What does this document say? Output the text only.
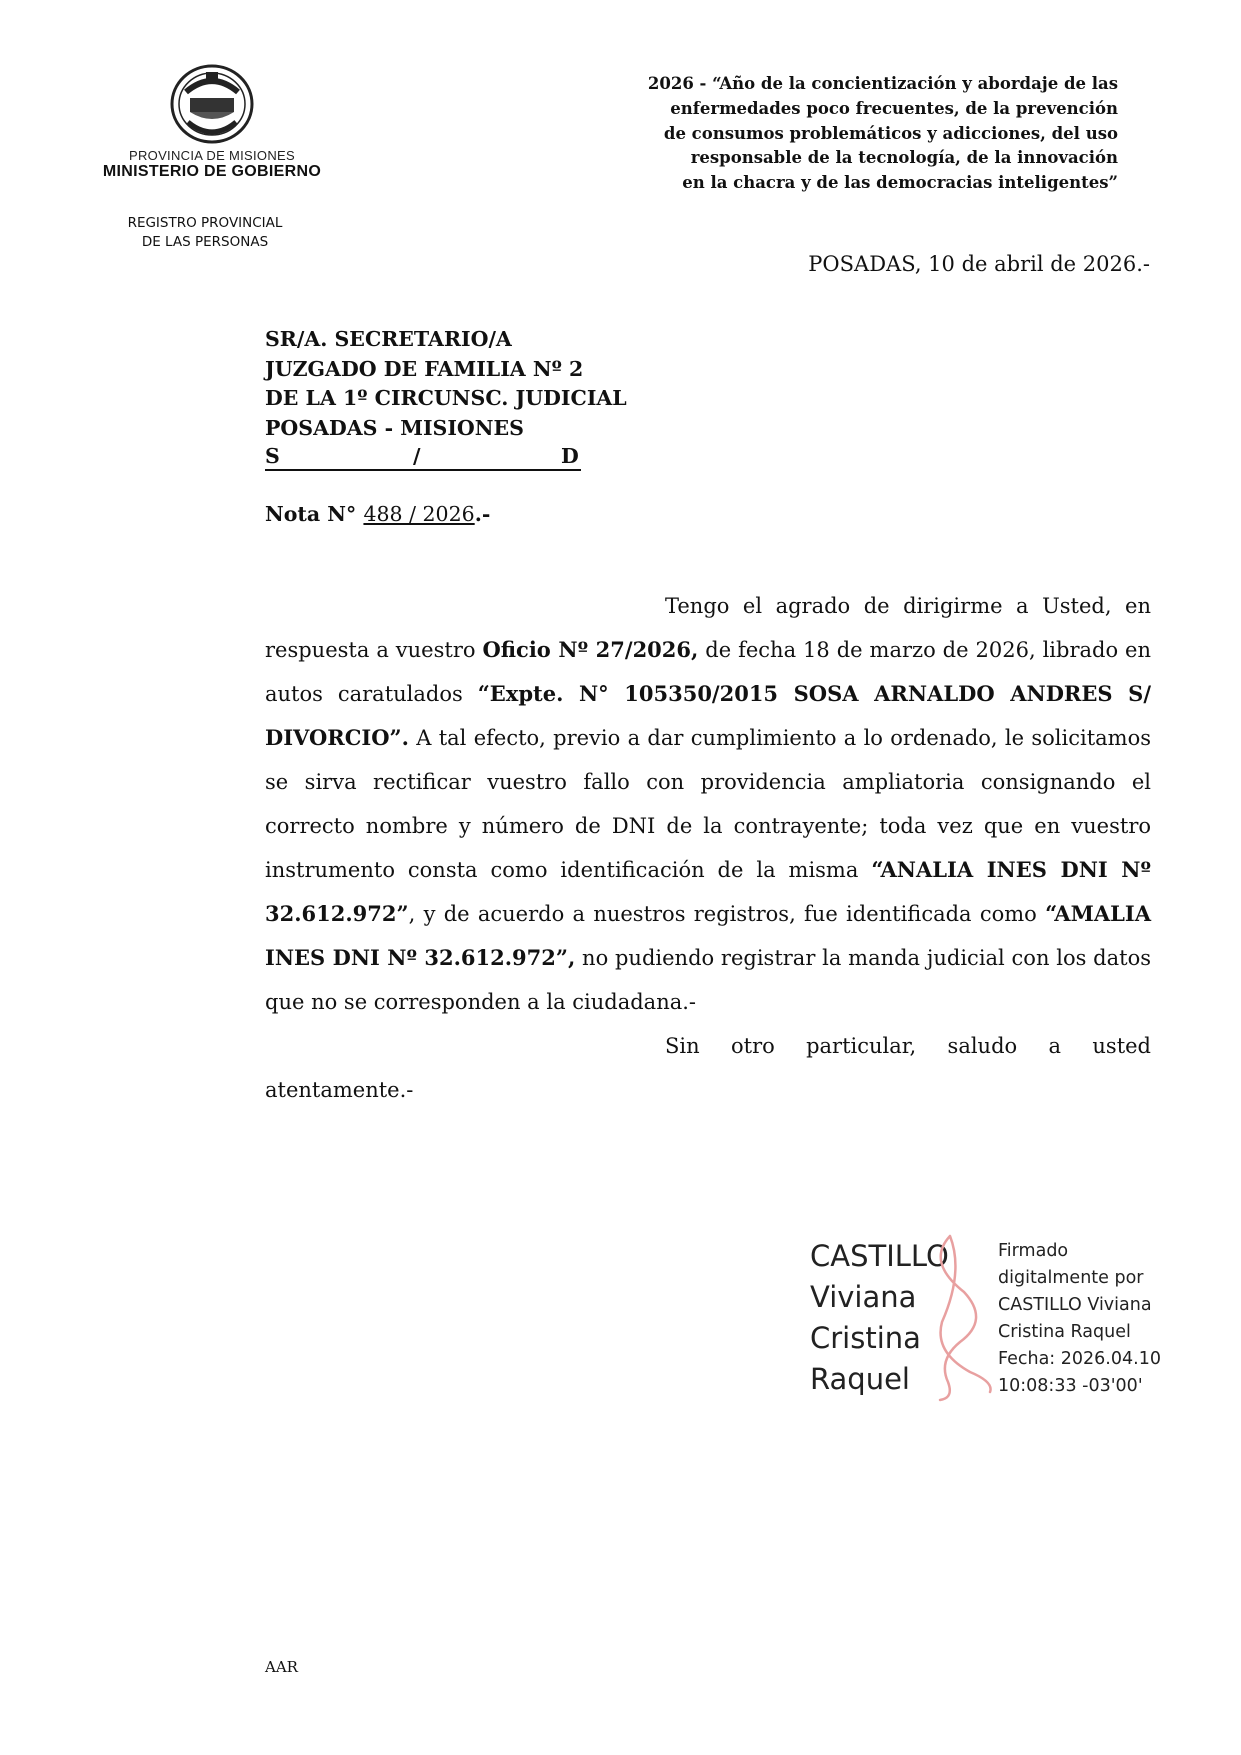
PROVINCIA DE MISIONES
MINISTERIO DE GOBIERNO
REGISTRO PROVINCIAL
DE LAS PERSONAS
2026 - “Año de la concientización y abordaje de las
enfermedades poco frecuentes, de la prevención
de consumos problemáticos y adicciones, del uso
responsable de la tecnología, de la innovación
en la chacra y de las democracias inteligentes”
POSADAS, 10 de abril de 2026.-
SR/A. SECRETARIO/A
JUZGADO DE FAMILIA Nº 2
DE LA 1º CIRCUNSC. JUDICIAL
POSADAS - MISIONES
S	/	D
Nota N° 488 / 2026.-

Tengo el agrado de dirigirme a Usted, en respuesta a vuestro Oficio Nº 27/2026, de fecha 18 de marzo de 2026, librado en autos caratulados “Expte. N° 105350/2015 SOSA ARNALDO ANDRES S/ DIVORCIO”. A tal efecto, previo a dar cumplimiento a lo ordenado, le solicitamos se sirva rectificar vuestro fallo con providencia ampliatoria consignando el correcto nombre y número de DNI de la contrayente; toda vez que en vuestro instrumento consta como identificación de la misma “ANALIA INES DNI Nº 32.612.972”, y de acuerdo a nuestros registros, fue identificada como “AMALIA INES DNI Nº 32.612.972”, no pudiendo registrar la manda judicial con los datos que no se corresponden a la ciudadana.-

Sin otro particular, saludo a usted atentamente.-

CASTILLO
Viviana
Cristina
Raquel
Firmado
digitalmente por
CASTILLO Viviana
Cristina Raquel
Fecha: 2026.04.10
10:08:33 -03'00'
AAR
